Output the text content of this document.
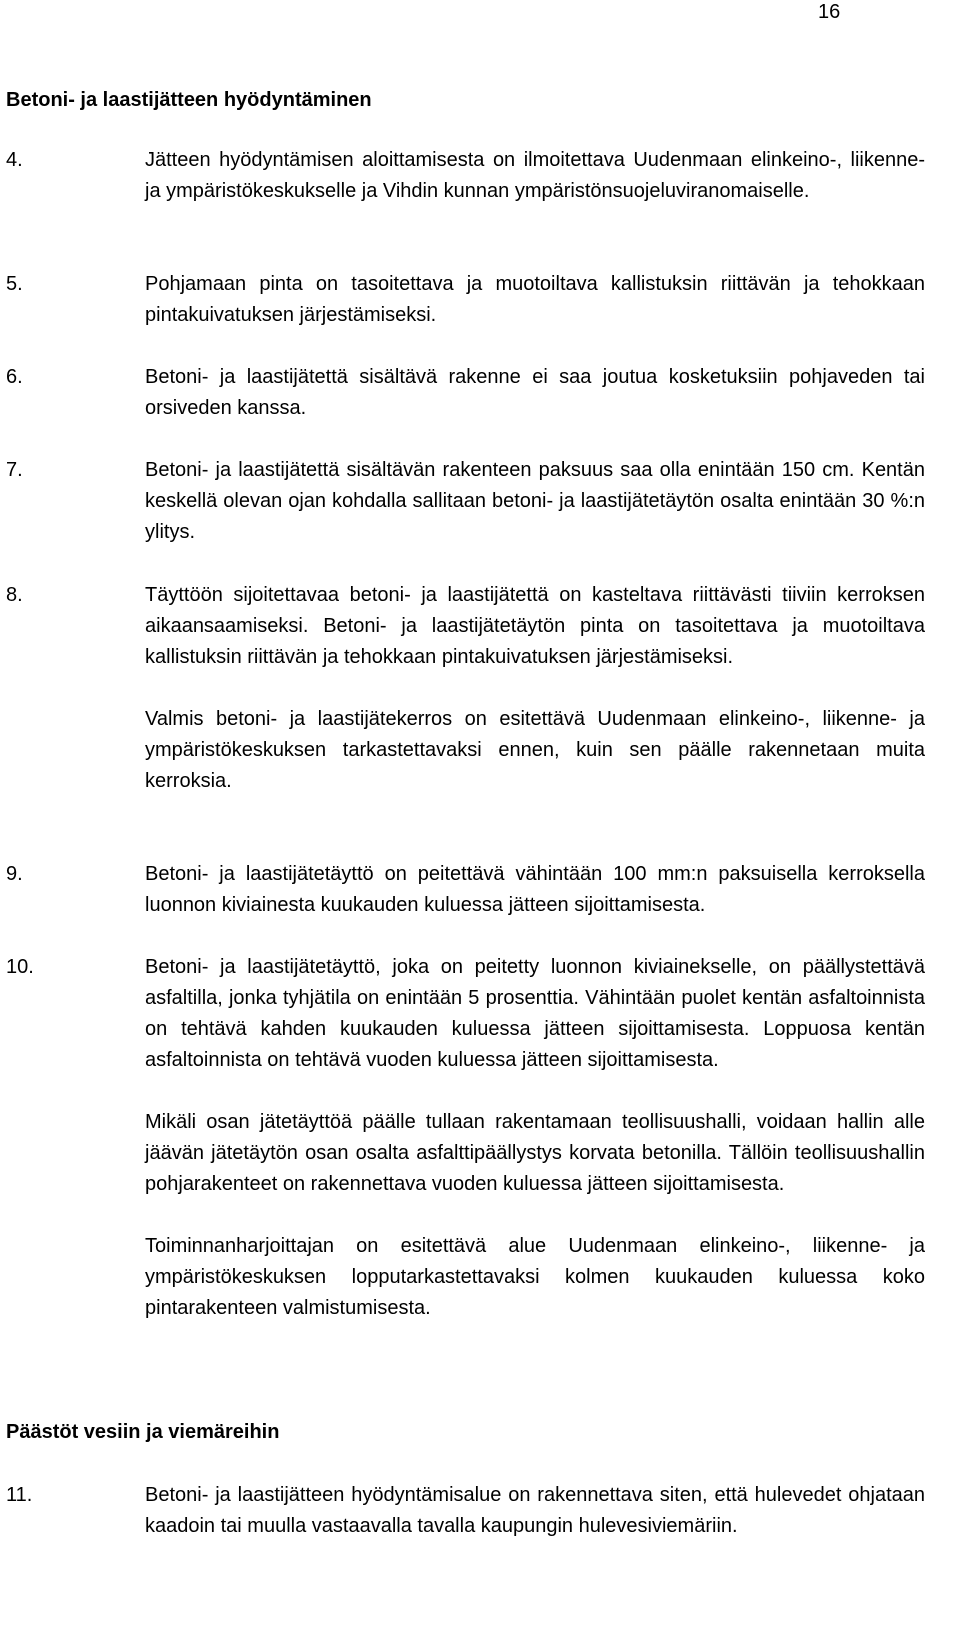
16
Betoni- ja laastijätteen hyödyntäminen
4.	Jätteen hyödyntämisen aloittamisesta on ilmoitettava Uudenmaan elinkeino-, liikenne- ja ympäristökeskukselle ja Vihdin kunnan ympäristönsuojeluviranomaiselle.

5.	Pohjamaan pinta on tasoitettava ja muotoiltava kallistuksin riittävän ja tehokkaan pintakuivatuksen järjestämiseksi.

6.	Betoni- ja laastijätettä sisältävä rakenne ei saa joutua kosketuksiin pohjaveden tai orsiveden kanssa.

7.	Betoni- ja laastijätettä sisältävän rakenteen paksuus saa olla enintään 150 cm. Kentän keskellä olevan ojan kohdalla sallitaan betoni- ja laastijätetäytön osalta enintään 30 %:n ylitys.

8.	Täyttöön sijoitettavaa betoni- ja laastijätettä on kasteltava riittävästi tiiviin kerroksen aikaansaamiseksi. Betoni- ja laastijätetäytön pinta on tasoitettava ja muotoiltava kallistuksin riittävän ja tehokkaan pintakuivatuksen järjestämiseksi.

Valmis betoni- ja laastijätekerros on esitettävä Uudenmaan elinkeino-, liikenne- ja ympäristökeskuksen tarkastettavaksi ennen, kuin sen päälle rakennetaan muita kerroksia.

9.	Betoni- ja laastijätetäyttö on peitettävä vähintään 100 mm:n paksuisella kerroksella luonnon kiviainesta kuukauden kuluessa jätteen sijoittamisesta.

10.	Betoni- ja laastijätetäyttö, joka on peitetty luonnon kiviainekselle, on päällystettävä asfaltilla, jonka tyhjätila on enintään 5 prosenttia. Vähintään puolet kentän asfaltoinnista on tehtävä kahden kuukauden kuluessa jätteen sijoittamisesta. Loppuosa kentän asfaltoinnista on tehtävä vuoden kuluessa jätteen sijoittamisesta.

Mikäli osan jätetäyttöä päälle tullaan rakentamaan teollisuushalli, voidaan hallin alle jäävän jätetäytön osan osalta asfalttipäällystys korvata betonilla. Tällöin teollisuushallin pohjarakenteet on rakennettava vuoden kuluessa jätteen sijoittamisesta.

Toiminnanharjoittajan on esitettävä alue Uudenmaan elinkeino-, liikenne- ja ympäristökeskuksen lopputarkastettavaksi kolmen kuukauden kuluessa koko pintarakenteen valmistumisesta.

Päästöt vesiin ja viemäreihin
11.	Betoni- ja laastijätteen hyödyntämisalue on rakennettava siten, että hulevedet ohjataan kaadoin tai muulla vastaavalla tavalla kaupungin hulevesiviemäriin.
